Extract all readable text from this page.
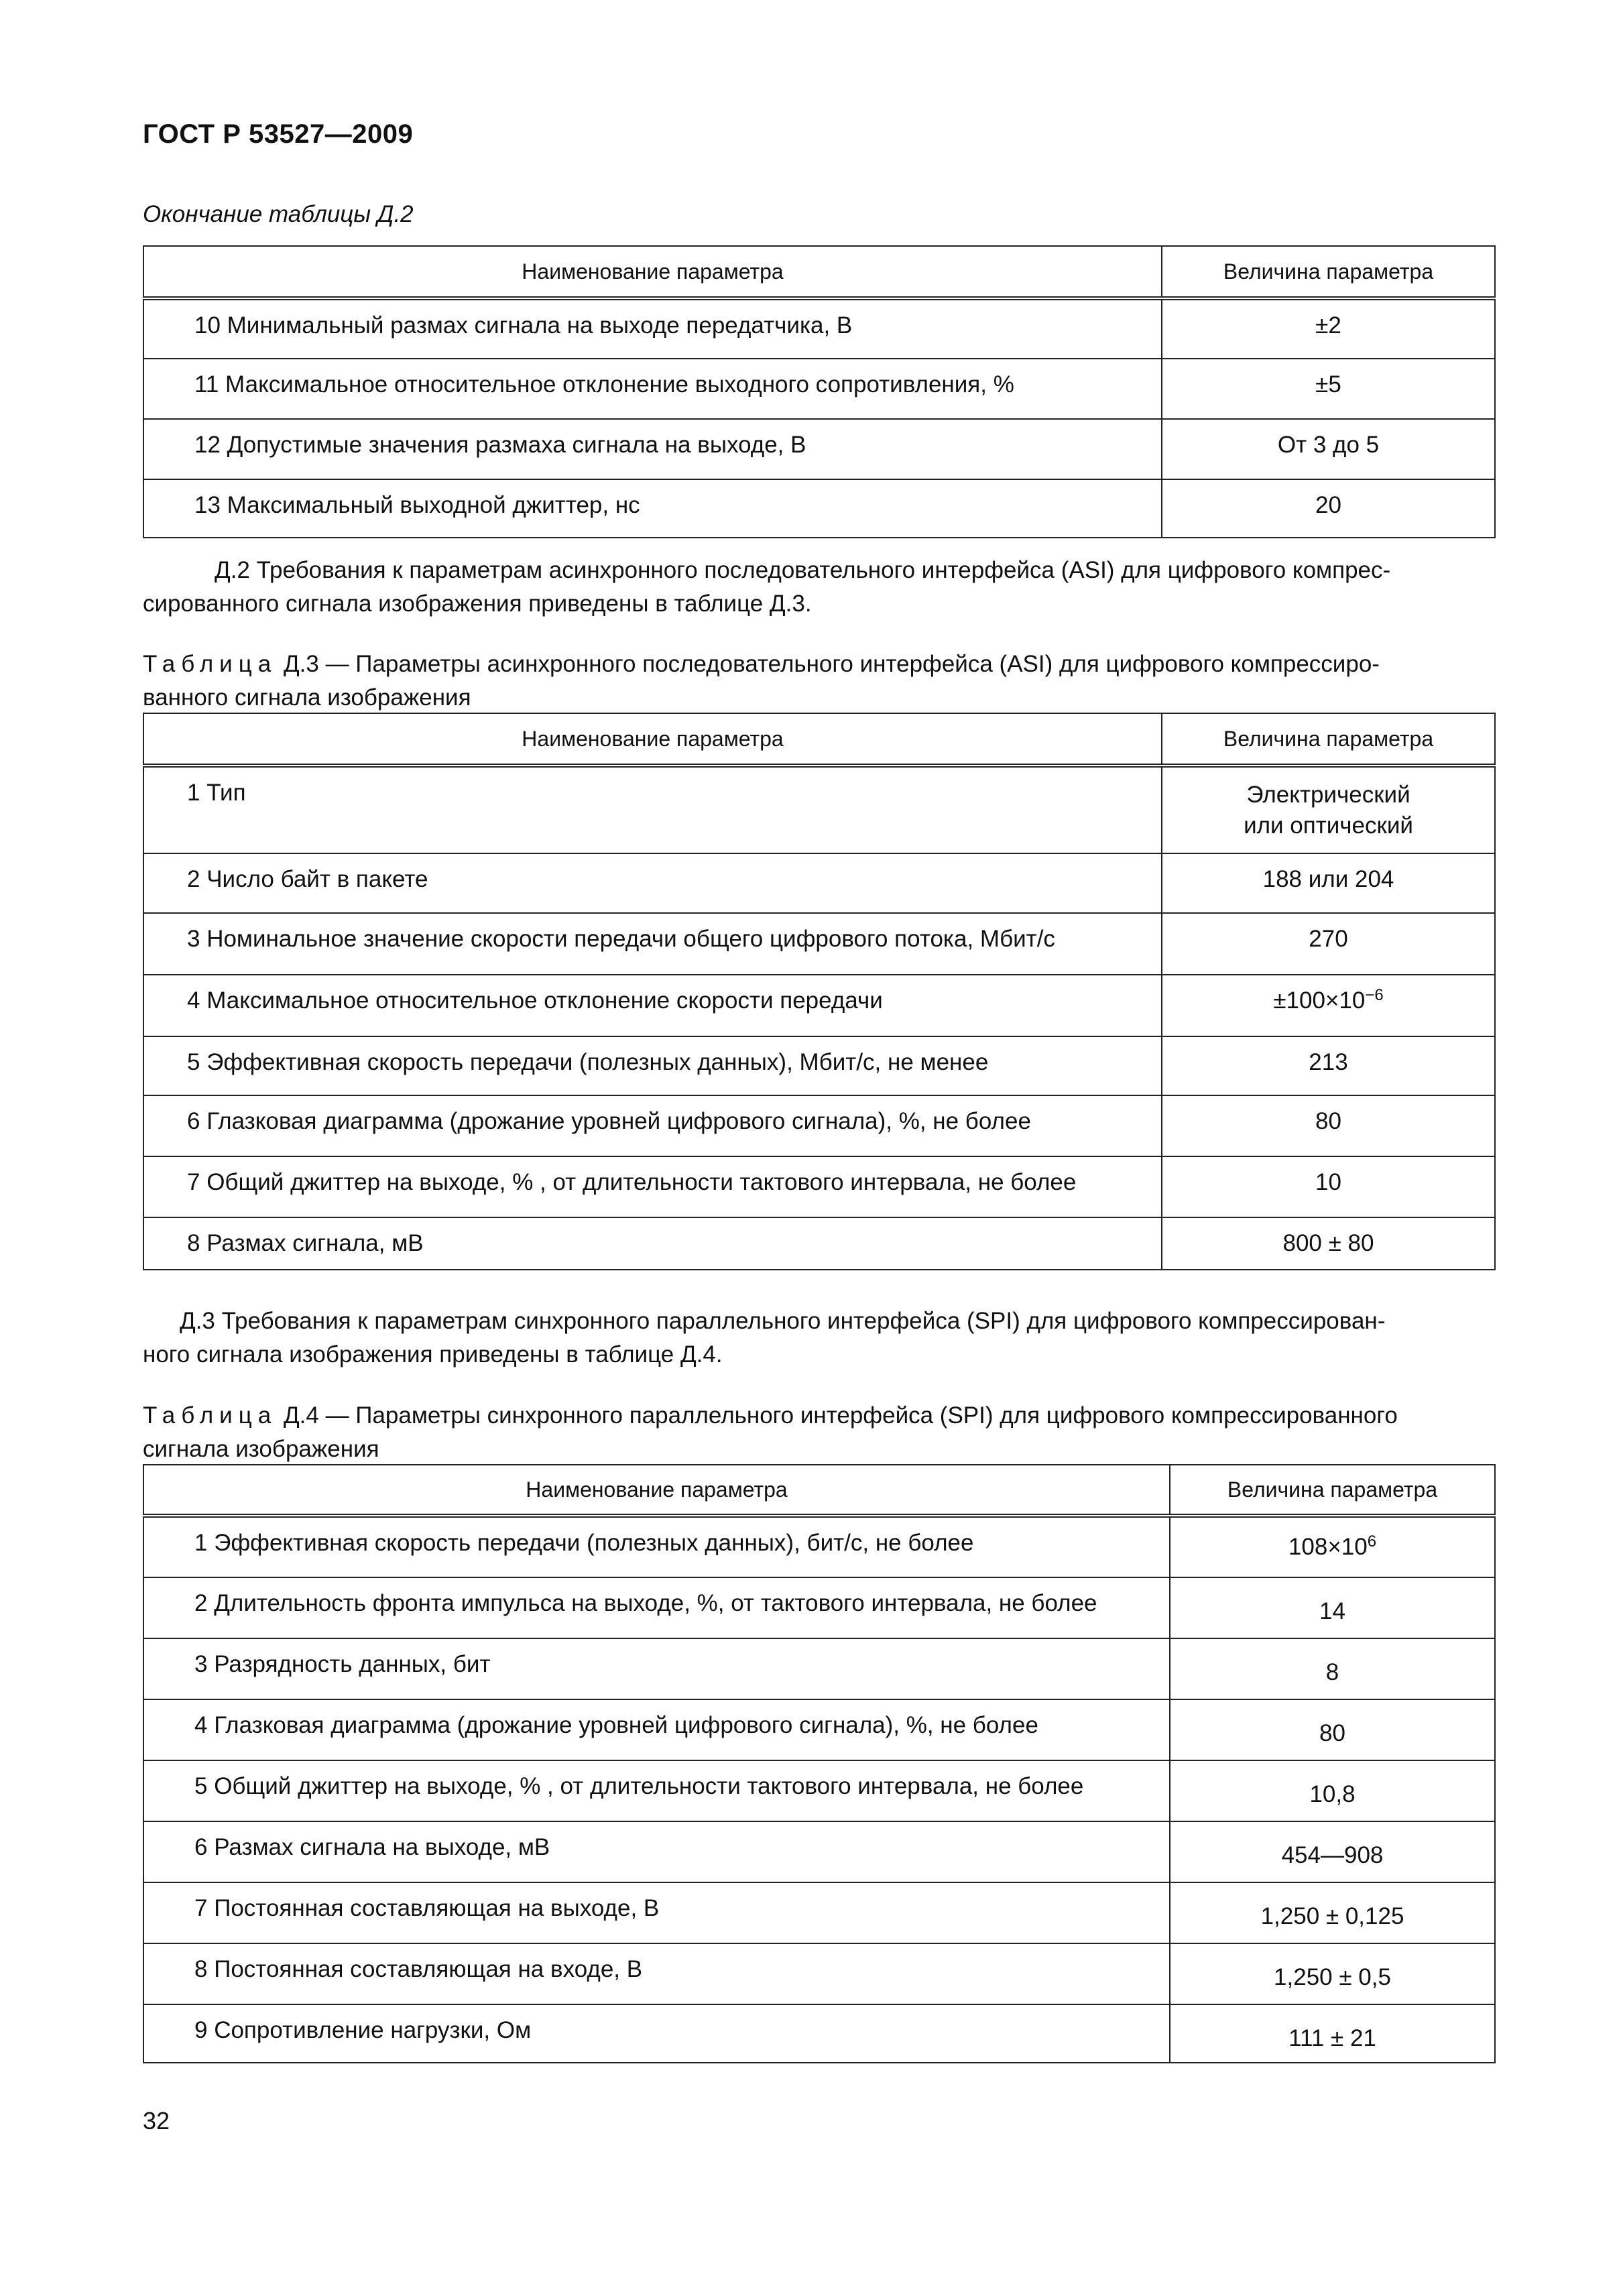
ГОСТ Р 53527—2009
Окончание таблицы Д.2
Наименование параметра	Величина параметра
10 Минимальный размах сигнала на выходе передатчика, В	±2
11 Максимальное относительное отклонение выходного сопротивления, %	±5
12 Допустимые значения размаха сигнала на выходе, В	От 3 до 5
13 Максимальный выходной джиттер, нс	20
Д.2 Требования к параметрам асинхронного последовательного интерфейса (ASI) для цифрового компрес-
сированного сигнала изображения приведены в таблице Д.3.
Таблица Д.3 — Параметры асинхронного последовательного интерфейса (ASI) для цифрового компрессиро-
ванного сигнала изображения
Наименование параметра	Величина параметра
1 Тип	Электрический
или оптический

2 Число байт в пакете	188 или 204
3 Номинальное значение скорости передачи общего цифрового потока, Мбит/с	270
4 Максимальное относительное отклонение скорости передачи	$\pm 100\times 10^{-6}$
5 Эффективная скорость передачи (полезных данных), Мбит/с, не менее	213
6 Глазковая диаграмма (дрожание уровней цифрового сигнала), %, не более	80
7 Общий джиттер на выходе, % , от длительности тактового интервала, не более	10
8 Размах сигнала, мВ	800 ± 80
Д.3 Требования к параметрам синхронного параллельного интерфейса (SPI) для цифрового компрессирован-
ного сигнала изображения приведены в таблице Д.4.
Таблица Д.4 — Параметры синхронного параллельного интерфейса (SPI) для цифрового компрессированного
сигнала изображения
Наименование параметра	Величина параметра
1 Эффективная скорость передачи (полезных данных), бит/с, не более	$108\times 10^6$
2 Длительность фронта импульса на выходе, %, от тактового интервала, не более	14
3 Разрядность данных, бит	8
4 Глазковая диаграмма (дрожание уровней цифрового сигнала), %, не более	80
5 Общий джиттер на выходе, % , от длительности тактового интервала, не более	10,8
6 Размах сигнала на выходе, мВ	454—908
7 Постоянная составляющая на выходе, В	1,250 ± 0,125
8 Постоянная составляющая на входе, В	1,250 ± 0,5
9 Сопротивление нагрузки, Ом	111 ± 21
32
